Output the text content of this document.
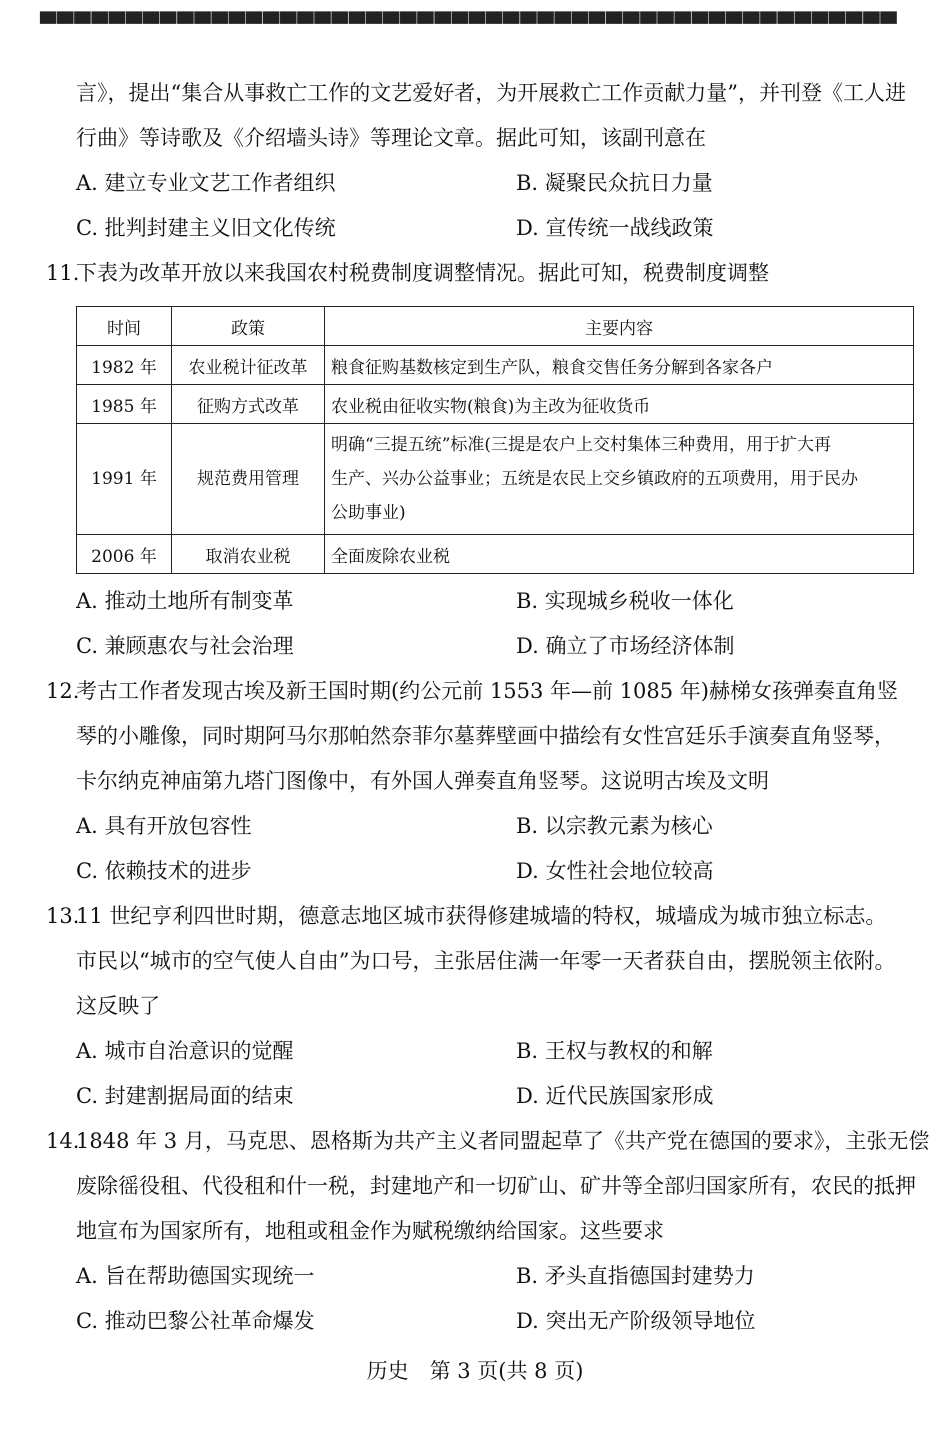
▀▀▀▀▀▀▀▀▀▀▀▀▀▀▀▀▀▀▀▀▀▀▀▀▀▀▀▀▀▀▀▀▀▀▀▀▀▀▀▀▀▀▀▀▀▀▀▀▀▀
言》，提出“集合从事救亡工作的文艺爱好者，为开展救亡工作贡献力量”，并刊登《工人进
行曲》等诗歌及《介绍墙头诗》等理论文章。据此可知，该副刊意在
A. 建立专业文艺工作者组织	B. 凝聚民众抗日力量
C. 批判封建主义旧文化传统	D. 宣传统一战线政策
11.
下表为改革开放以来我国农村税费制度调整情况。据此可知，税费制度调整
时间	政策	主要内容
1982 年	农业税计征改革	粮食征购基数核定到生产队，粮食交售任务分解到各家各户
1985 年	征购方式改革	农业税由征收实物(粮食)为主改为征收货币
1991 年	规范费用管理	明确“三提五统”标准(三提是农户上交村集体三种费用，用于扩大再
生产、兴办公益事业；五统是农民上交乡镇政府的五项费用，用于民办
公助事业)

2006 年	取消农业税	全面废除农业税
A. 推动土地所有制变革	B. 实现城乡税收一体化
C. 兼顾惠农与社会治理	D. 确立了市场经济体制
12.
考古工作者发现古埃及新王国时期(约公元前 1553 年—前 1085 年)赫梯女孩弹奏直角竖
琴的小雕像，同时期阿马尔那帕然奈菲尔墓葬壁画中描绘有女性宫廷乐手演奏直角竖琴，
卡尔纳克神庙第九塔门图像中，有外国人弹奏直角竖琴。这说明古埃及文明
A. 具有开放包容性	B. 以宗教元素为核心
C. 依赖技术的进步	D. 女性社会地位较高
13.
11 世纪亨利四世时期，德意志地区城市获得修建城墙的特权，城墙成为城市独立标志。
市民以“城市的空气使人自由”为口号，主张居住满一年零一天者获自由，摆脱领主依附。
这反映了
A. 城市自治意识的觉醒	B. 王权与教权的和解
C. 封建割据局面的结束	D. 近代民族国家形成
14.
1848 年 3 月，马克思、恩格斯为共产主义者同盟起草了《共产党在德国的要求》，主张无偿
废除徭役租、代役租和什一税，封建地产和一切矿山、矿井等全部归国家所有，农民的抵押
地宣布为国家所有，地租或租金作为赋税缴纳给国家。这些要求
A. 旨在帮助德国实现统一	B. 矛头直指德国封建势力
C. 推动巴黎公社革命爆发	D. 突出无产阶级领导地位
历史　第 3 页(共 8 页)
